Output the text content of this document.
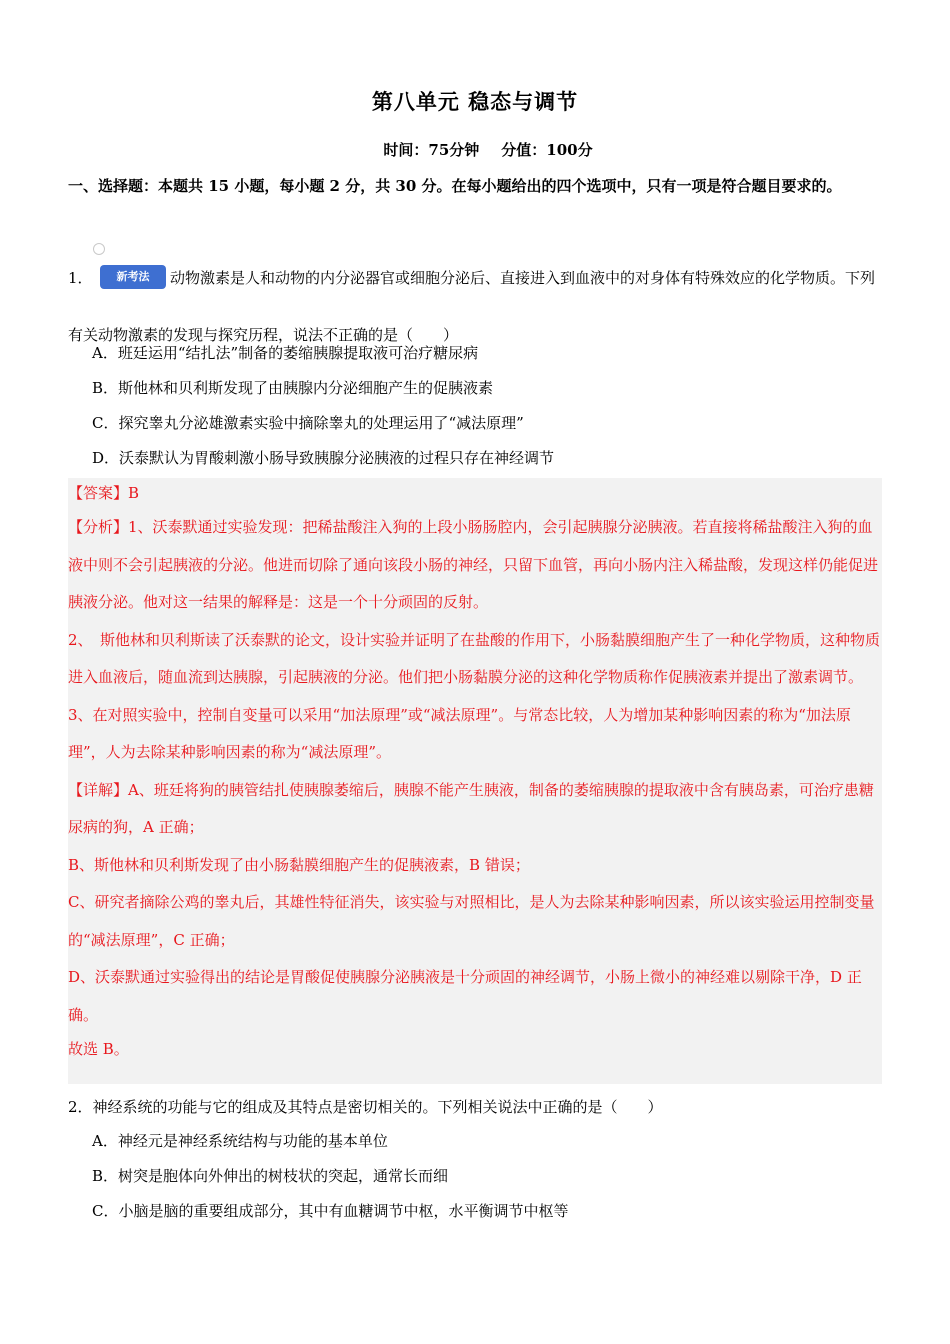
第八单元 稳态与调节
时间：75分钟 分值：100分
一、选择题：本题共 15 小题，每小题 2 分，共 30 分。在每小题给出的四个选项中，只有一项是符合题目要求的。
1． 新考法 动物激素是人和动物的内分泌器官或细胞分泌后、直接进入到血液中的对身体有特殊效应的化学物质。下列有关动物激素的发现与探究历程，说法不正确的是（　　）
A．班廷运用“结扎法”制备的萎缩胰腺提取液可治疗糖尿病
B．斯他林和贝利斯发现了由胰腺内分泌细胞产生的促胰液素
C．探究睾丸分泌雄激素实验中摘除睾丸的处理运用了“减法原理”
D．沃泰默认为胃酸刺激小肠导致胰腺分泌胰液的过程只存在神经调节
【答案】B

【分析】1、沃泰默通过实验发现：把稀盐酸注入狗的上段小肠肠腔内，会引起胰腺分泌胰液。若直接将稀盐酸注入狗的血液中则不会引起胰液的分泌。他进而切除了通向该段小肠的神经，只留下血管，再向小肠内注入稀盐酸，发现这样仍能促进胰液分泌。他对这一结果的解释是：这是一个十分顽固的反射。

2、　斯他林和贝利斯读了沃泰默的论文，设计实验并证明了在盐酸的作用下，小肠黏膜细胞产生了一种化学物质，这种物质进入血液后，随血流到达胰腺，引起胰液的分泌。他们把小肠黏膜分泌的这种化学物质称作促胰液素并提出了激素调节。

3、在对照实验中，控制自变量可以采用“加法原理”或“减法原理”。与常态比较，人为增加某种影响因素的称为“加法原理”，人为去除某种影响因素的称为“减法原理”。

【详解】A、班廷将狗的胰管结扎使胰腺萎缩后，胰腺不能产生胰液，制备的萎缩胰腺的提取液中含有胰岛素，可治疗患糖尿病的狗，A 正确；

B、斯他林和贝利斯发现了由小肠黏膜细胞产生的促胰液素，B 错误；

C、研究者摘除公鸡的睾丸后，其雄性特征消失，该实验与对照相比，是人为去除某种影响因素，所以该实验运用控制变量的“减法原理”，C 正确；

D、沃泰默通过实验得出的结论是胃酸促使胰腺分泌胰液是十分顽固的神经调节，小肠上微小的神经难以剔除干净，D 正确。

故选 B。

2．神经系统的功能与它的组成及其特点是密切相关的。下列相关说法中正确的是（　　）
A．神经元是神经系统结构与功能的基本单位
B．树突是胞体向外伸出的树枝状的突起，通常长而细
C．小脑是脑的重要组成部分，其中有血糖调节中枢，水平衡调节中枢等
